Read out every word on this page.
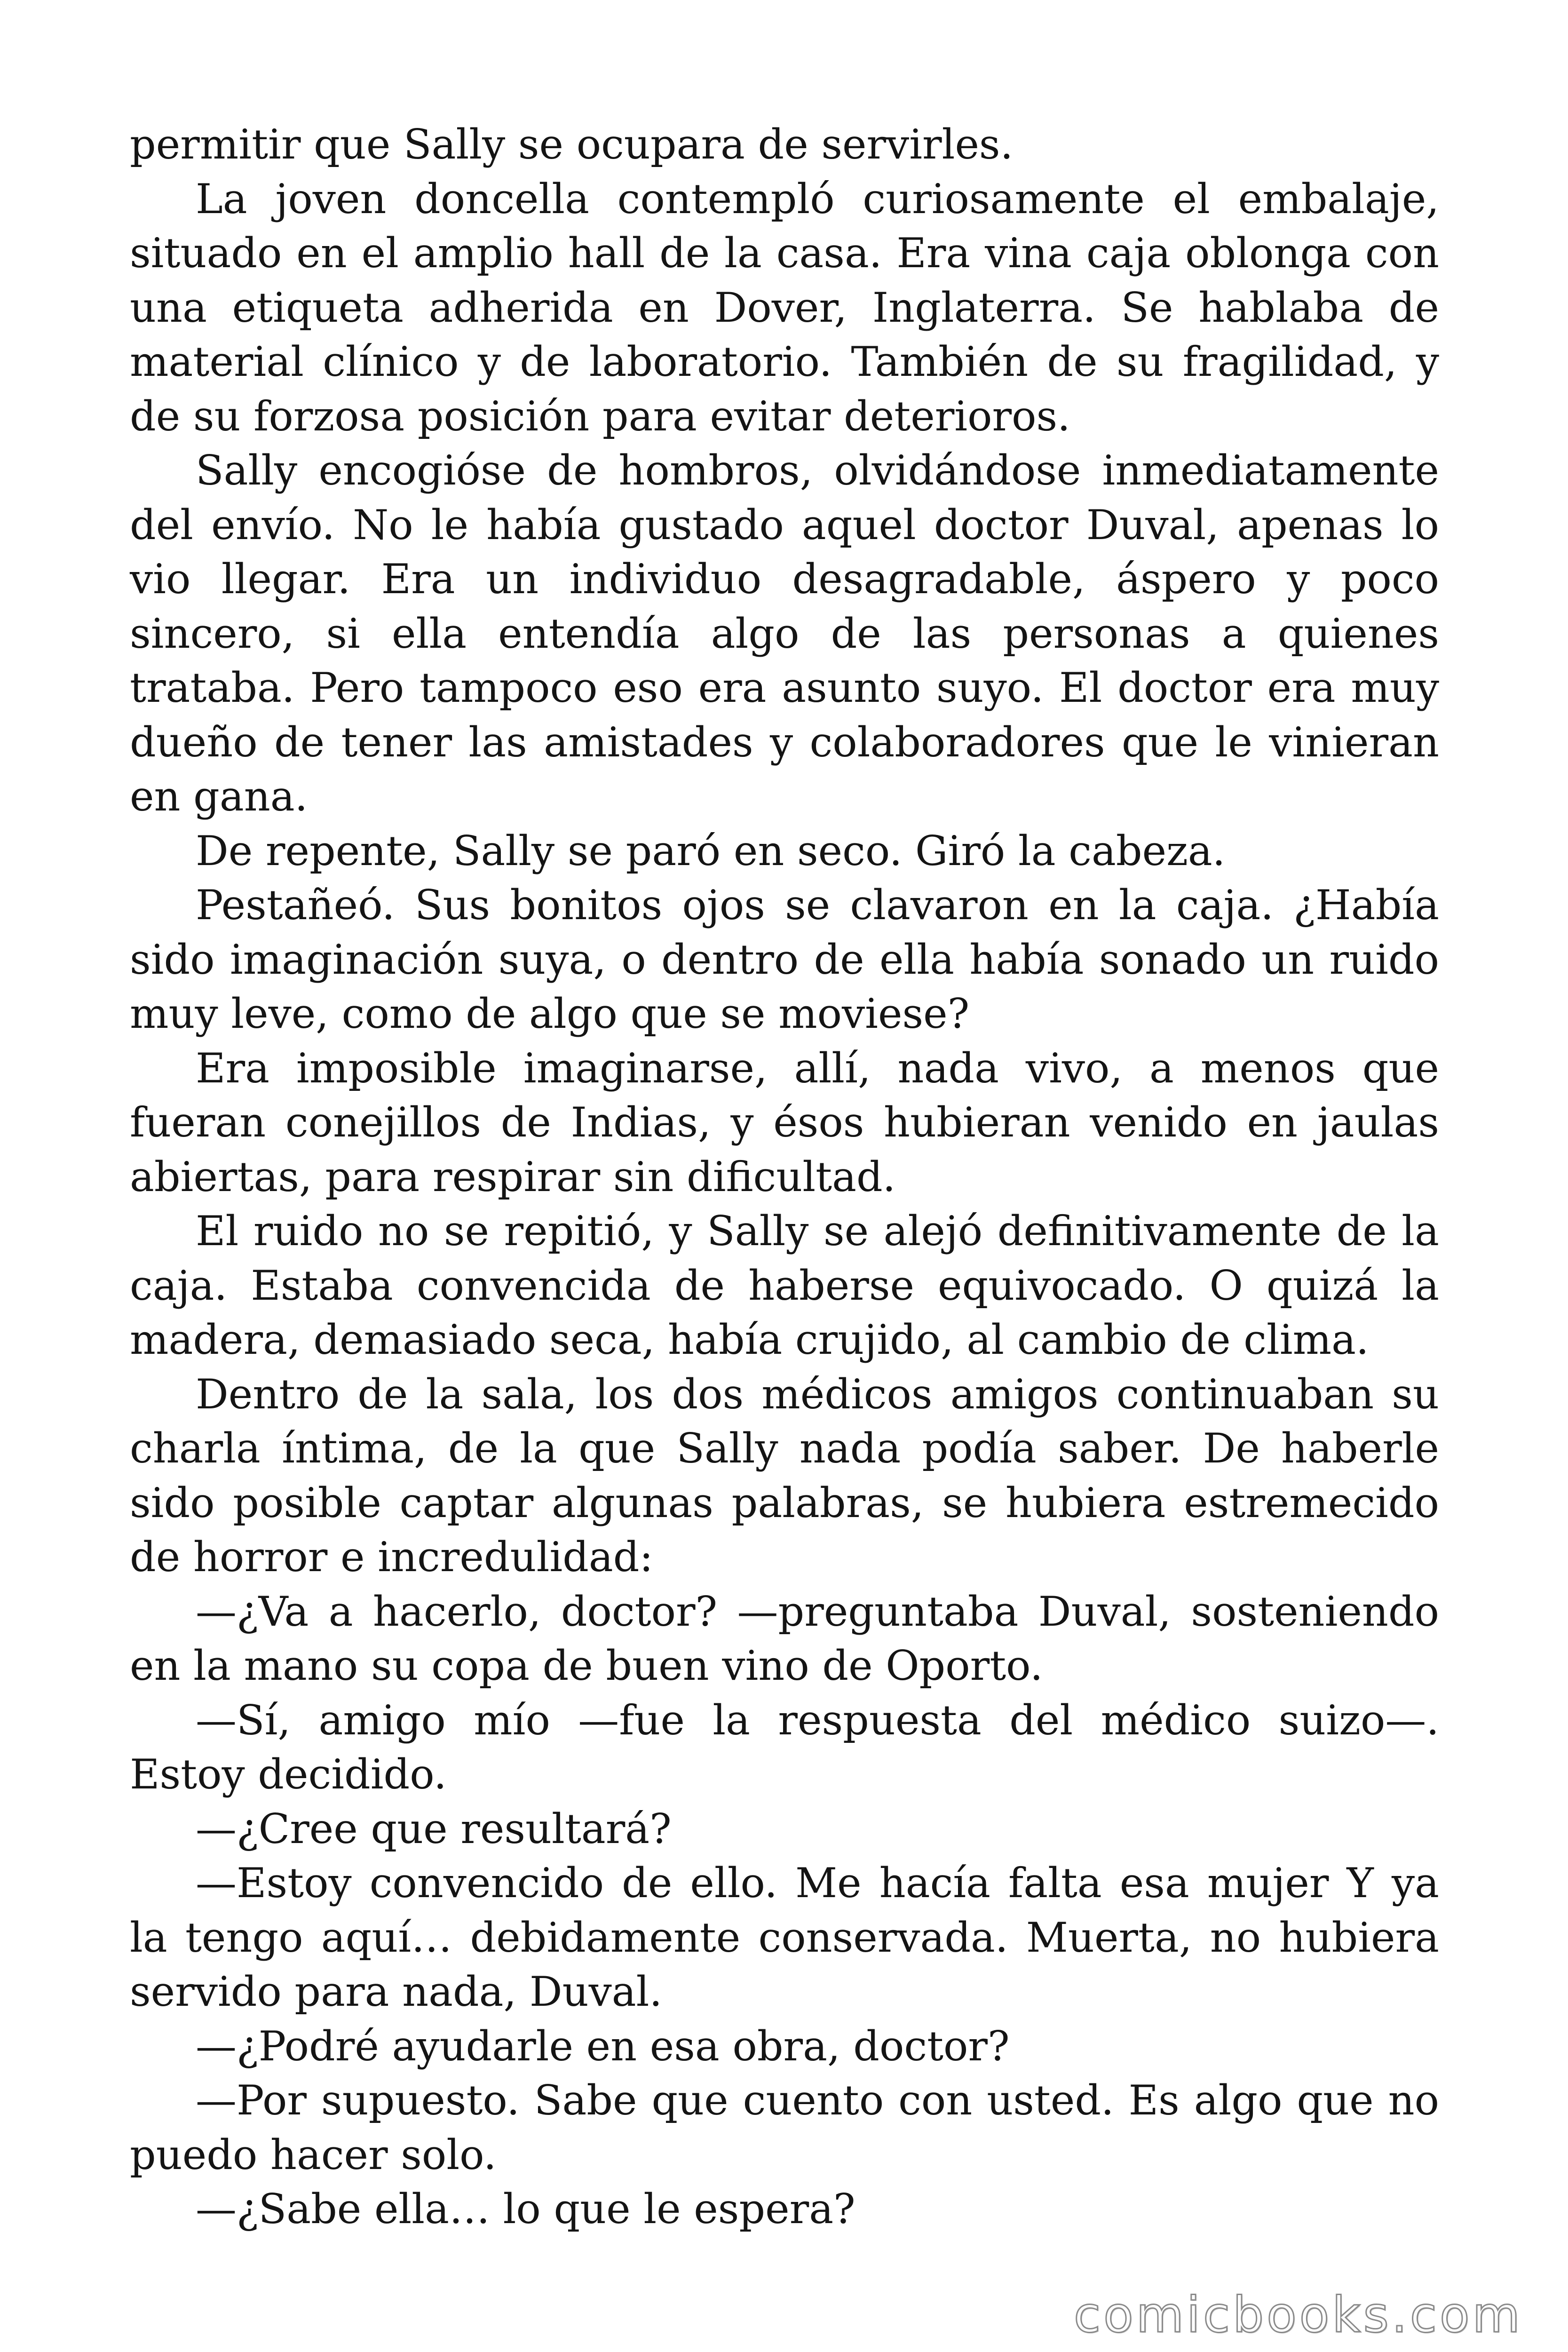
permitir que Sally se ocupara de servirles.

La joven doncella contempló curiosamente el embalaje, situado en el amplio hall de la casa. Era vina caja oblonga con una etiqueta adherida en Dover, Inglaterra. Se hablaba de material clínico y de laboratorio. También de su fragilidad, y de su forzosa posición para evitar deterioros.

Sally encogióse de hombros, olvidándose inmediatamente del envío. No le había gustado aquel doctor Duval, apenas lo vio llegar. Era un individuo desagradable, áspero y poco sincero, si ella entendía algo de las personas a quienes trataba. Pero tampoco eso era asunto suyo. El doctor era muy dueño de tener las amistades y colaboradores que le vinieran en gana.

De repente, Sally se paró en seco. Giró la cabeza.

Pestañeó. Sus bonitos ojos se clavaron en la caja. ¿Había sido imaginación suya, o dentro de ella había sonado un ruido muy leve, como de algo que se moviese?

Era imposible imaginarse, allí, nada vivo, a menos que fueran conejillos de Indias, y ésos hubieran venido en jaulas abiertas, para respirar sin dificultad.

El ruido no se repitió, y Sally se alejó definitivamente de la caja. Estaba convencida de haberse equivocado. O quizá la madera, demasiado seca, había crujido, al cambio de clima.

Dentro de la sala, los dos médicos amigos continuaban su charla íntima, de la que Sally nada podía saber. De haberle sido posible captar algunas palabras, se hubiera estremecido de horror e incredulidad:

—¿Va a hacerlo, doctor? —preguntaba Duval, sosteniendo en la mano su copa de buen vino de Oporto.

—Sí, amigo mío —fue la respuesta del médico suizo—. Estoy decidido.

—¿Cree que resultará?

—Estoy convencido de ello. Me hacía falta esa mujer Y ya la tengo aquí… debidamente conservada. Muerta, no hubiera servido para nada, Duval.

—¿Podré ayudarle en esa obra, doctor?

—Por supuesto. Sabe que cuento con usted. Es algo que no puedo hacer solo.

—¿Sabe ella… lo que le espera?

comicbooks.com
